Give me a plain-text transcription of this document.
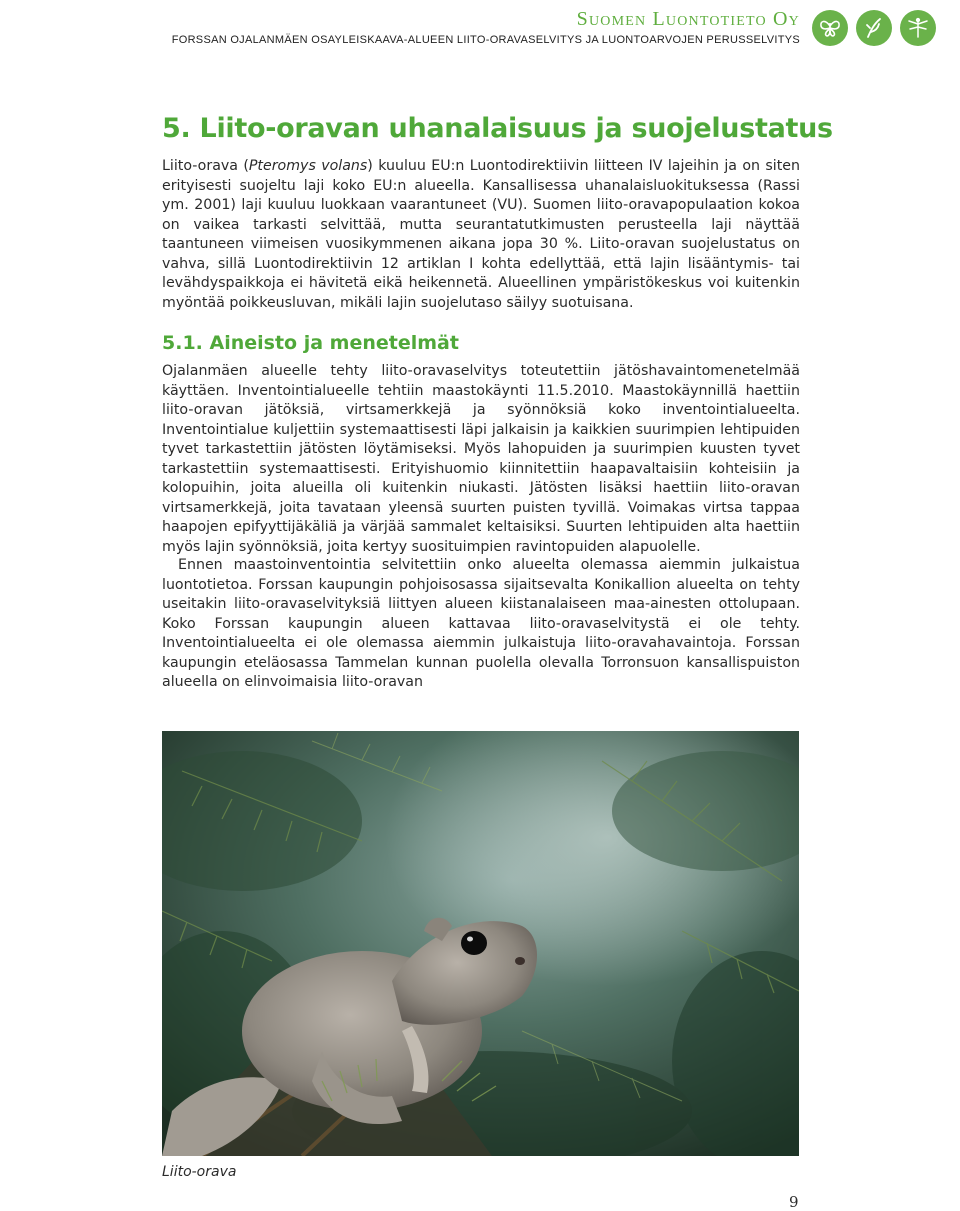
Suomen Luontotieto Oy
FORSSAN OJALANMÄEN OSAYLEISKAAVA-ALUEEN LIITO-ORAVASELVITYS JA LUONTOARVOJEN PERUSSELVITYS
5. Liito-oravan uhanalaisuus ja suojelustatus

Liito-orava (Pteromys volans) kuuluu EU:n Luontodirektiivin liitteen IV lajeihin ja on siten erityisesti suojeltu laji koko EU:n alueella. Kansallisessa uhanalaisluokituksessa (Rassi ym. 2001) laji kuuluu luokkaan vaarantuneet (VU). Suomen liito-oravapopulaation kokoa on vaikea tarkasti selvittää, mutta seurantatutkimusten perusteella laji näyttää taantuneen viimeisen vuosikymmenen aikana jopa 30 %. Liito-oravan suojelustatus on vahva, sillä Luontodirektiivin 12 artiklan I kohta edellyttää, että lajin lisääntymis- tai levähdyspaikkoja ei hävitetä eikä heikennetä. Alueellinen ympäristökeskus voi kuitenkin myöntää poikkeusluvan, mikäli lajin suojelutaso säilyy suotuisana.

5.1. Aineisto ja menetelmät

Ojalanmäen alueelle tehty liito-oravaselvitys toteutettiin jätöshavaintomenetelmää käyttäen. Inventointialueelle tehtiin maastokäynti 11.5.2010. Maastokäynnillä haettiin liito-oravan jätöksiä, virtsamerkkejä ja syönnöksiä koko inventointialueelta. Inventointialue kuljettiin systemaattisesti läpi jalkaisin ja kaikkien suurimpien lehtipuiden tyvet tarkastettiin jätösten löytämiseksi. Myös lahopuiden ja suurimpien kuusten tyvet tarkastettiin systemaattisesti. Erityishuomio kiinnitettiin haapavaltaisiin kohteisiin ja kolopuihin, joita alueilla oli kuitenkin niukasti. Jätösten lisäksi haettiin liito-oravan virtsamerkkejä, joita tavataan yleensä suurten puisten tyvillä. Voimakas virtsa tappaa haapojen epifyyttijäkäliä ja värjää sammalet keltaisiksi. Suurten lehtipuiden alta haettiin myös lajin syönnöksiä, joita kertyy suosituimpien ravintopuiden alapuolelle.

Ennen maastoinventointia selvitettiin onko alueelta olemassa aiemmin julkaistua luontotietoa. Forssan kaupungin pohjoisosassa sijaitsevalta Konikallion alueelta on tehty useitakin liito-oravaselvityksiä liittyen alueen kiistanalaiseen maa-ainesten ottolupaan. Koko Forssan kaupungin alueen kattavaa liito-oravaselvitystä ei ole tehty. Inventointialueelta ei ole olemassa aiemmin julkaistuja liito-oravahavaintoja. Forssan kaupungin eteläosassa Tammelan kunnan puolella olevalla Torronsuon kansallispuiston alueella on elinvoimaisia liito-oravan

Liito-orava
9
